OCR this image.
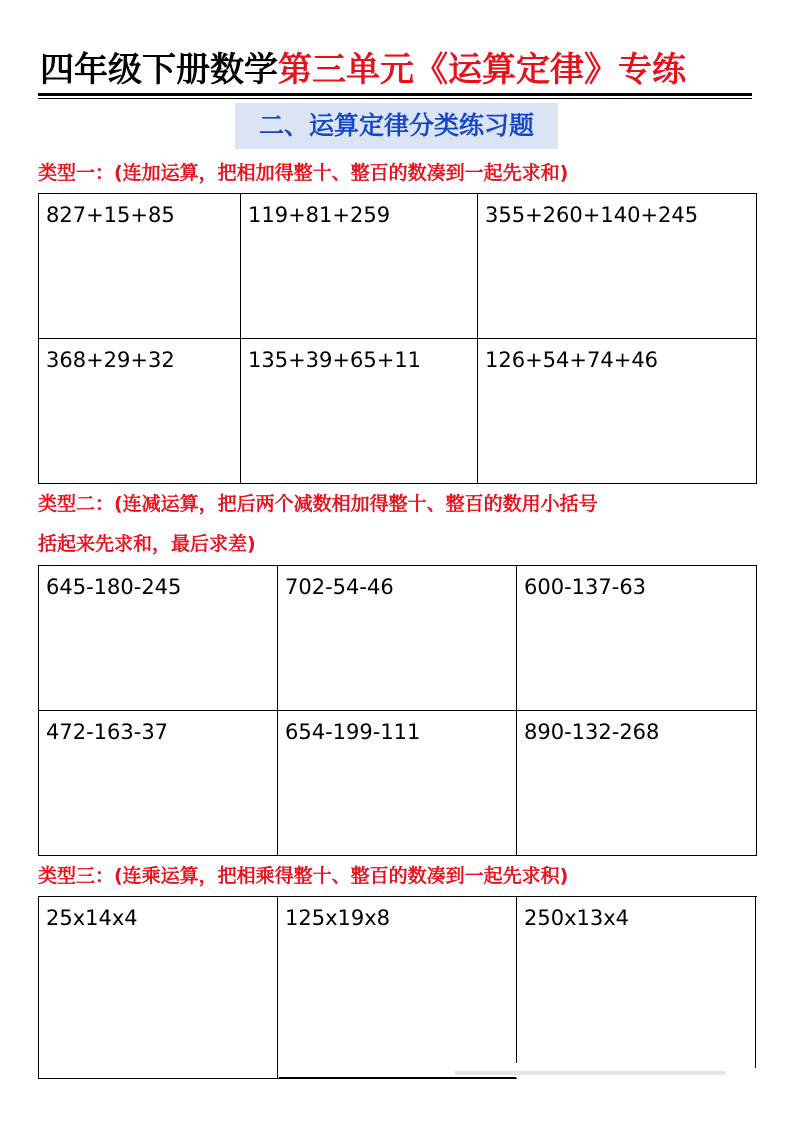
四年级下册数学第三单元《运算定律》专练
二、运算定律分类练习题
类型一：(连加运算，把相加得整十、整百的数凑到一起先求和)
827+15+85	119+81+259	355+260+140+245
368+29+32	135+39+65+11	126+54+74+46
类型二：(连减运算，把后两个减数相加得整十、整百的数用小括号
括起来先求和，最后求差)
645-180-245	702-54-46	600-137-63
472-163-37	654-199-111	890-132-268
类型三：(连乘运算，把相乘得整十、整百的数凑到一起先求积)
25x14x4	125x19x8	250x13x4
